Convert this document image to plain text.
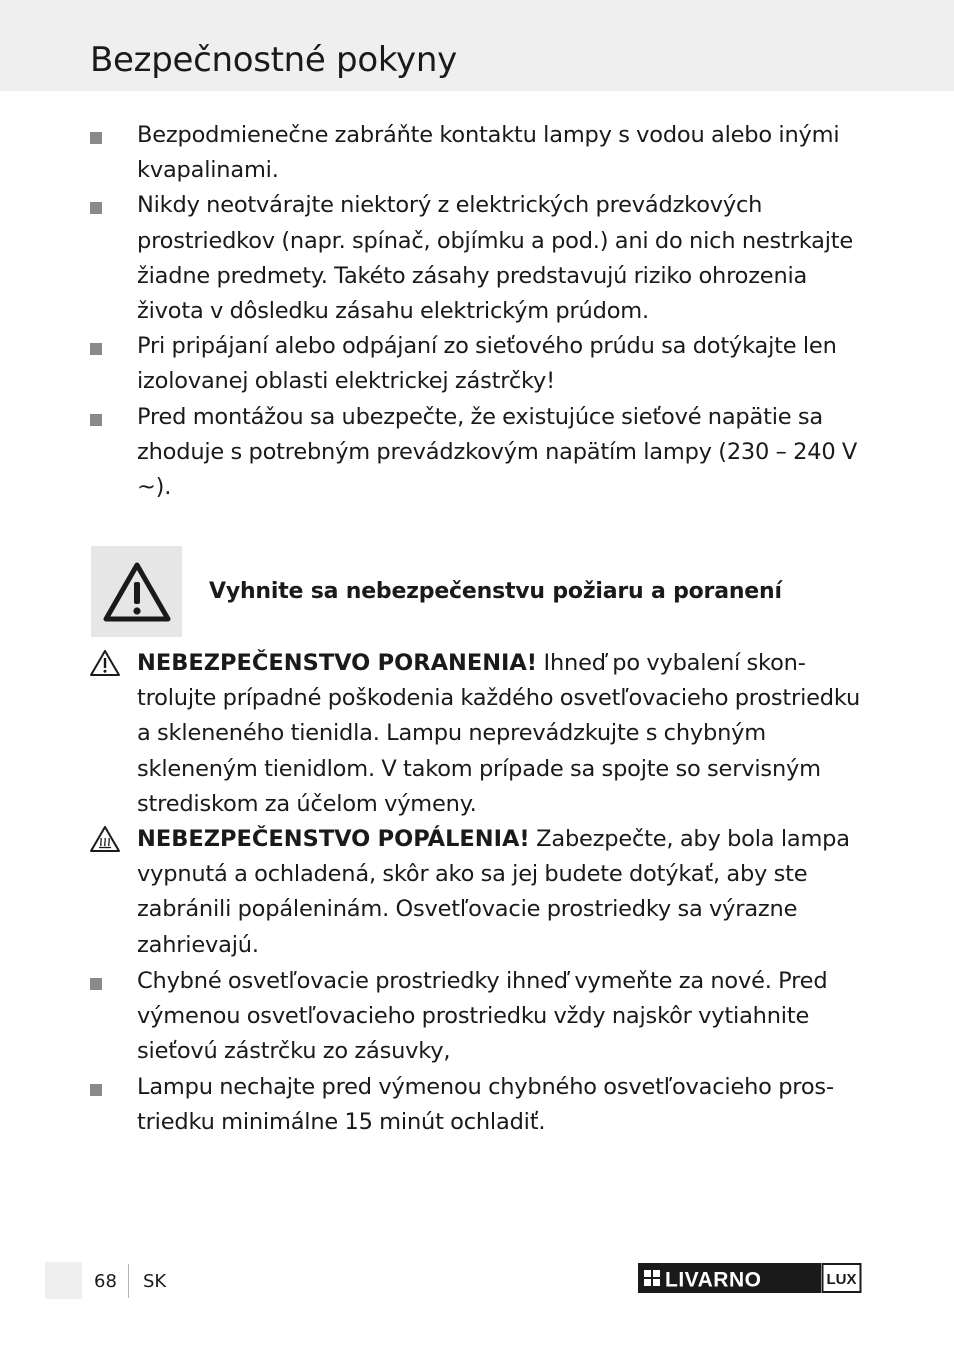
Bezpečnostné pokyny
Bezpodmienečne zabráňte kontaktu lampy s vodou alebo inými kvapalinami.
Nikdy neotvárajte niektorý z elektrických prevádzkových prostriedkov (napr. spínač, objímku a pod.) ani do nich nestrkajte žiadne predmety. Takéto zásahy predstavujú riziko ohrozenia života v dôsledku zásahu elektrickým prúdom.
Pri pripájaní alebo odpájaní zo sieťového prúdu sa dotýkajte len izolovanej oblasti elektrickej zástrčky!
Pred montážou sa ubezpečte, že existujúce sieťové napätie sa zhoduje s potrebným prevádzkovým napätím lampy (230 – 240 V ~).
Vyhnite sa nebezpečenstvu požiaru a poranení
NEBEZPEČENSTVO PORANENIA! Ihneď po vybalení skontrolujte prípadné poškodenia každého osvetľovacieho prostriedku a skleneného tienidla. Lampu neprevádzkujte s chybným skleneným tienidlom. V takom prípade sa spojte so servisným strediskom za účelom výmeny.
NEBEZPEČENSTVO POPÁLENIA! Zabezpečte, aby bola lampa vypnutá a ochladená, skôr ako sa jej budete dotýkať, aby ste zabránili popáleninám. Osvetľovacie prostriedky sa výrazne zahrievajú.
Chybné osvetľovacie prostriedky ihneď vymeňte za nové. Pred výmenou osvetľovacieho prostriedku vždy najskôr vytiahnite sieťovú zástrčku zo zásuvky,
Lampu nechajte pred výmenou chybného osvetľovacieho prostriedku minimálne 15 minút ochladiť.
68 SK	LIVARNO	LUX
